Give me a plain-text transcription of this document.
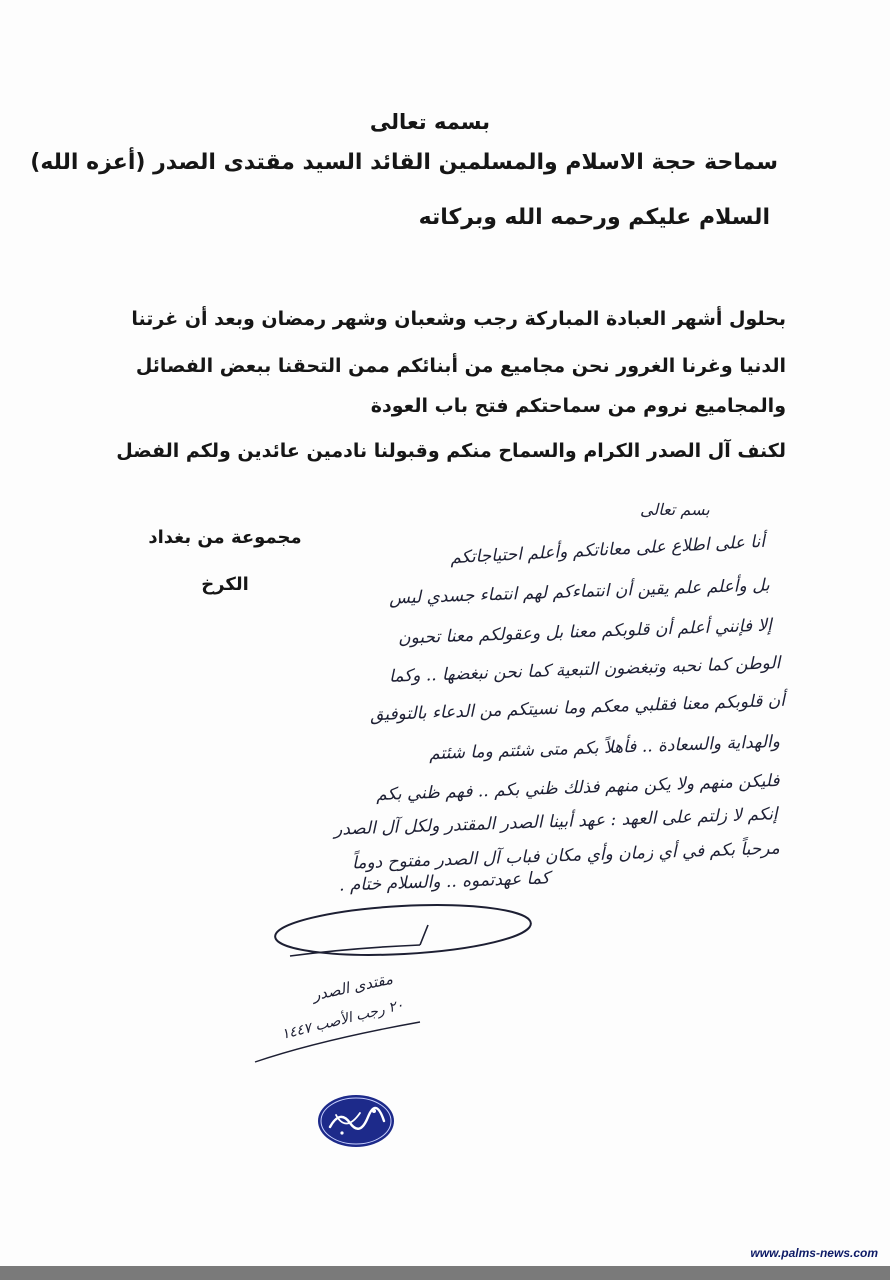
بسمه تعالى
سماحة حجة الاسلام والمسلمين القائد السيد مقتدى الصدر (أعزه الله)
السلام عليكم ورحمه الله وبركاته
بحلول أشهر العبادة المباركة رجب وشعبان وشهر رمضان وبعد أن غرتنا
الدنيا وغرنا الغرور نحن مجاميع من أبنائكم ممن التحقنا ببعض الفصائل
والمجاميع نروم من سماحتكم فتح باب العودة
لكنف آل الصدر الكرام والسماح منكم وقبولنا نادمين عائدين ولكم الفضل
مجموعة من بغداد
الكرخ
بسم تعالى
أنا على اطلاع على معاناتكم وأعلم احتياجاتكم
بل وأعلم علم يقين أن انتماءكم لهم انتماء جسدي ليس
إلا فإنني أعلم أن قلوبكم معنا بل وعقولكم معنا تحبون
الوطن كما نحبه وتبغضون التبعية كما نحن نبغضها .. وكما
أن قلوبكم معنا فقلبي معكم وما نسيتكم من الدعاء بالتوفيق
والهداية والسعادة .. فأهلاً بكم متى شئتم وما شئتم
فليكن منهم ولا يكن منهم فذلك ظني بكم .. فهم ظني بكم
إنكم لا زلتم على العهد : عهد أبينا الصدر المقتدر ولكل آل الصدر
مرحباً بكم في أي زمان وأي مكان فباب آل الصدر مفتوح دوماً
كما عهدتموه .. والسلام ختام .
مقتدى الصدر
٢٠ رجب الأصب ١٤٤٧
www.palms-news.com
